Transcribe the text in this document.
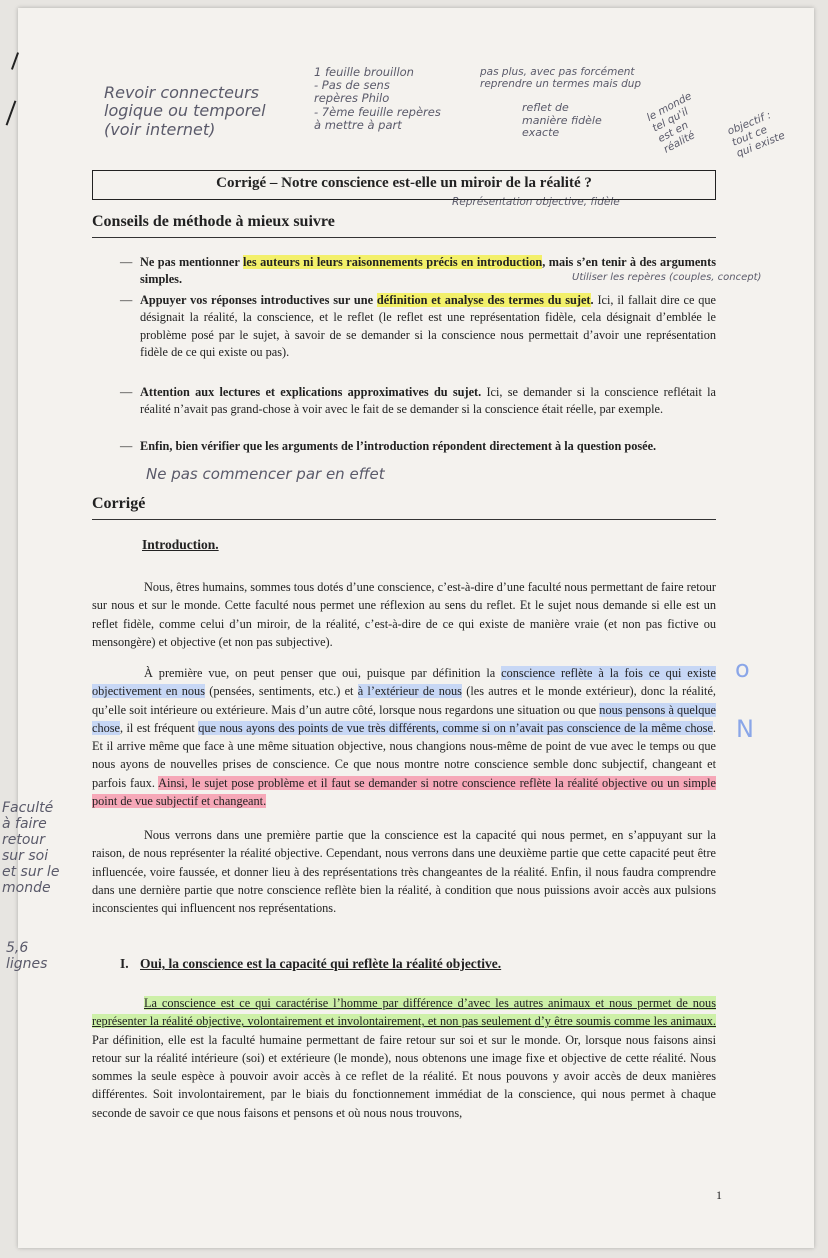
Revoir connecteurs
logique ou temporel
(voir internet)
1 feuille brouillon
- Pas de sens
repères Philo
- 7ème feuille repères
à mettre à part
pas plus, avec pas forcément
reprendre un termes mais dup
reflet de
manière fidèle
exacte
le monde
tel qu'il
est en
réalité
objectif :
tout ce
qui existe
Représentation objective, fidèle
Utiliser les repères (couples, concept)
Faculté
à faire
retour
sur soi
et sur le monde
5,6
lignes
o
N
Corrigé – Notre conscience est-elle un miroir de la réalité ?
Conseils de méthode à mieux suivre
— Ne pas mentionner les auteurs ni leurs raisonnements précis en introduction, mais s’en tenir à des arguments simples.
— Appuyer vos réponses introductives sur une définition et analyse des termes du sujet. Ici, il fallait dire ce que désignait la réalité, la conscience, et le reflet (le reflet est une représentation fidèle, cela désignait d’emblée le problème posé par le sujet, à savoir de se demander si la conscience nous permettait d’avoir une représentation fidèle de ce qui existe ou pas).
— Attention aux lectures et explications approximatives du sujet. Ici, se demander si la conscience reflétait la réalité n’avait pas grand-chose à voir avec le fait de se demander si la conscience était réelle, par exemple.
— Enfin, bien vérifier que les arguments de l’introduction répondent directement à la question posée.
Ne pas commencer par en effet
Corrigé
Introduction.
Nous, êtres humains, sommes tous dotés d’une conscience, c’est-à-dire d’une faculté nous permettant de faire retour sur nous et sur le monde. Cette faculté nous permet une réflexion au sens du reflet. Et le sujet nous demande si elle est un reflet fidèle, comme celui d’un miroir, de la réalité, c’est-à-dire de ce qui existe de manière vraie (et non pas fictive ou mensongère) et objective (et non pas subjective).
À première vue, on peut penser que oui, puisque par définition la conscience reflète à la fois ce qui existe objectivement en nous (pensées, sentiments, etc.) et à l’extérieur de nous (les autres et le monde extérieur), donc la réalité, qu’elle soit intérieure ou extérieure. Mais d’un autre côté, lorsque nous regardons une situation ou que nous pensons à quelque chose, il est fréquent que nous ayons des points de vue très différents, comme si on n’avait pas conscience de la même chose. Et il arrive même que face à une même situation objective, nous changions nous-même de point de vue avec le temps ou que nous ayons de nouvelles prises de conscience. Ce que nous montre notre conscience semble donc subjectif, changeant et parfois faux. Ainsi, le sujet pose problème et il faut se demander si notre conscience reflète la réalité objective ou un simple point de vue subjectif et changeant.
Nous verrons dans une première partie que la conscience est la capacité qui nous permet, en s’appuyant sur la raison, de nous représenter la réalité objective. Cependant, nous verrons dans une deuxième partie que cette capacité peut être influencée, voire faussée, et donner lieu à des représentations très changeantes de la réalité. Enfin, il nous faudra comprendre dans une dernière partie que notre conscience reflète bien la réalité, à condition que nous puissions avoir accès aux pulsions inconscientes qui influencent nos représentations.
I. Oui, la conscience est la capacité qui reflète la réalité objective.
La conscience est ce qui caractérise l’homme par différence d’avec les autres animaux et nous permet de nous représenter la réalité objective, volontairement et involontairement, et non pas seulement d’y être soumis comme les animaux. Par définition, elle est la faculté humaine permettant de faire retour sur soi et sur le monde. Or, lorsque nous faisons ainsi retour sur la réalité intérieure (soi) et extérieure (le monde), nous obtenons une image fixe et objective de cette réalité. Nous sommes la seule espèce à pouvoir avoir accès à ce reflet de la réalité. Et nous pouvons y avoir accès de deux manières différentes. Soit involontairement, par le biais du fonctionnement immédiat de la conscience, qui nous permet à chaque seconde de savoir ce que nous faisons et pensons et où nous nous trouvons,
1
